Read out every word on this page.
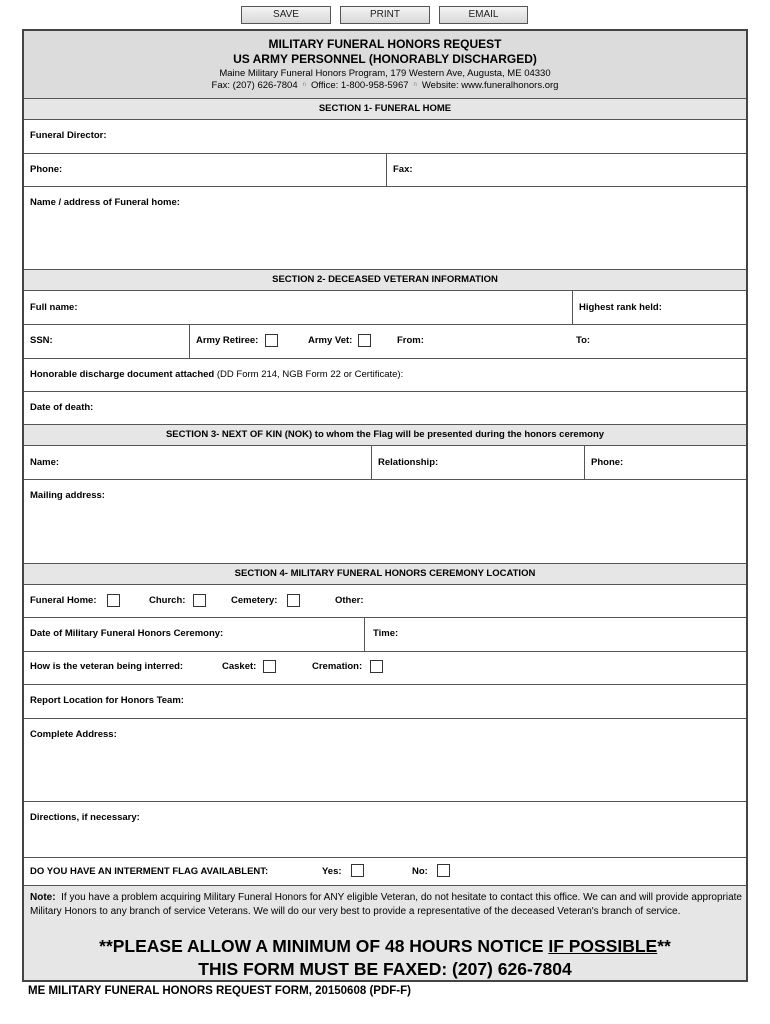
SAVE	PRINT	EMAIL
MILITARY FUNERAL HONORS REQUEST
US ARMY PERSONNEL (HONORABLY DISCHARGED)
Maine Military Funeral Honors Program, 179 Western Ave, Augusta, ME 04330
Fax: (207) 626-7804 n Office: 1-800-958-5967 n Website: www.funeralhonors.org
SECTION 1- FUNERAL HOME
Funeral Director:
Phone:	Fax:
Name / address of Funeral home:
SECTION 2- DECEASED VETERAN INFORMATION
Full name:	Highest rank held:
SSN:	Army Retiree:	Army Vet:	From:	To:
Honorable discharge document attached (DD Form 214, NGB Form 22 or Certificate):
Date of death:
SECTION 3- NEXT OF KIN (NOK) to whom the Flag will be presented during the honors ceremony
Name:	Relationship:	Phone:
Mailing address:
SECTION 4- MILITARY FUNERAL HONORS CEREMONY LOCATION
Funeral Home:	Church:	Cemetery:	Other:
Date of Military Funeral Honors Ceremony:	Time:
How is the veteran being interred:	Casket:	Cremation:
Report Location for Honors Team:
Complete Address:
Directions, if necessary:
DO YOU HAVE AN INTERMENT FLAG AVAILABLENT:	Yes:	No:
Note: If you have a problem acquiring Military Funeral Honors for ANY eligible Veteran, do not hesitate to contact this office. We can and will provide appropriate Military Honors to any branch of service Veterans. We will do our very best to provide a representative of the deceased Veteran's branch of service.
**PLEASE ALLOW A MINIMUM OF 48 HOURS NOTICE IF POSSIBLE**
THIS FORM MUST BE FAXED: (207) 626-7804
ME MILITARY FUNERAL HONORS REQUEST FORM, 20150608 (PDF-F)
